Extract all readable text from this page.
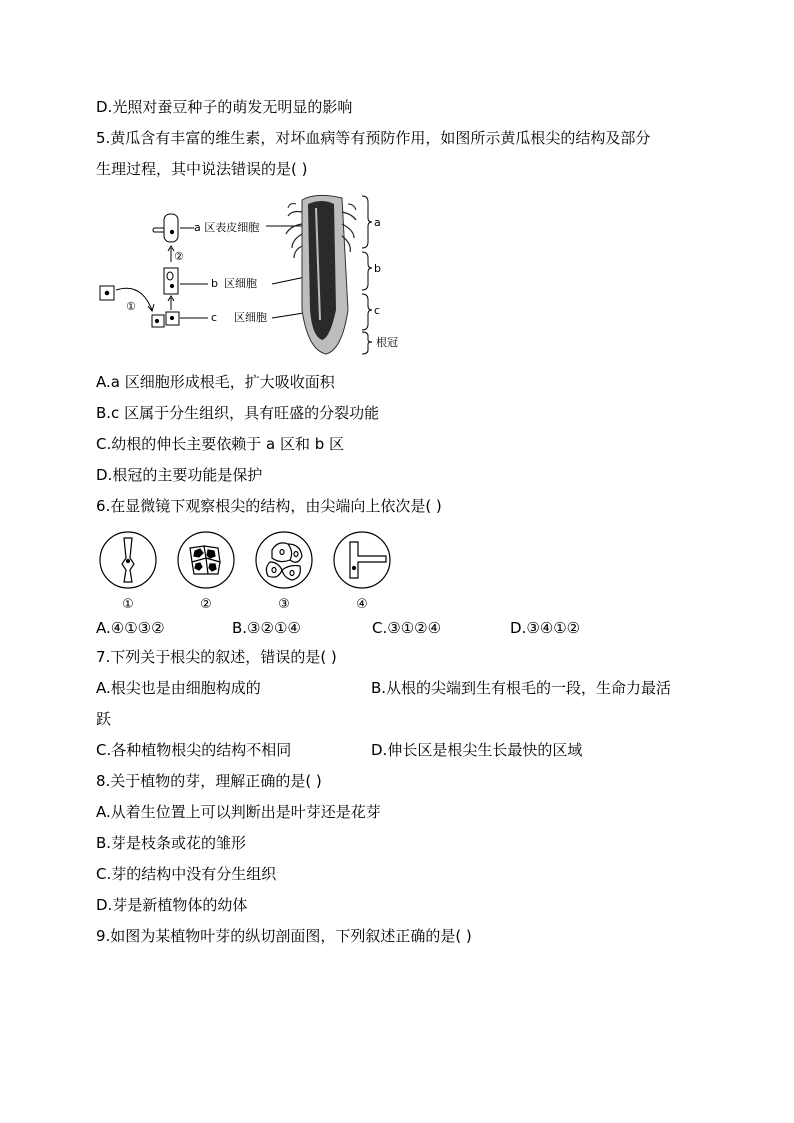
D.光照对蚕豆种子的萌发无明显的影响
5.黄瓜含有丰富的维生素，对坏血病等有预防作用，如图所示黄瓜根尖的结构及部分
生理过程，其中说法错误的是( )
①
②
a 区表皮细胞
b 区细胞
c 区细胞
a
b
c
根冠
A.a 区细胞形成根毛，扩大吸收面积
B.c 区属于分生组织，具有旺盛的分裂功能
C.幼根的伸长主要依赖于 a 区和 b 区
D.根冠的主要功能是保护
6.在显微镜下观察根尖的结构，由尖端向上依次是( )
①	②	③	④
A.④①③②	B.③②①④	C.③①②④	D.③④①②
7.下列关于根尖的叙述，错误的是( )
A.根尖也是由细胞构成的	B.从根的尖端到生有根毛的一段，生命力最活
跃
C.各种植物根尖的结构不相同	D.伸长区是根尖生长最快的区域
8.关于植物的芽，理解正确的是( )
A.从着生位置上可以判断出是叶芽还是花芽
B.芽是枝条或花的雏形
C.芽的结构中没有分生组织
D.芽是新植物体的幼体
9.如图为某植物叶芽的纵切剖面图，下列叙述正确的是( )
